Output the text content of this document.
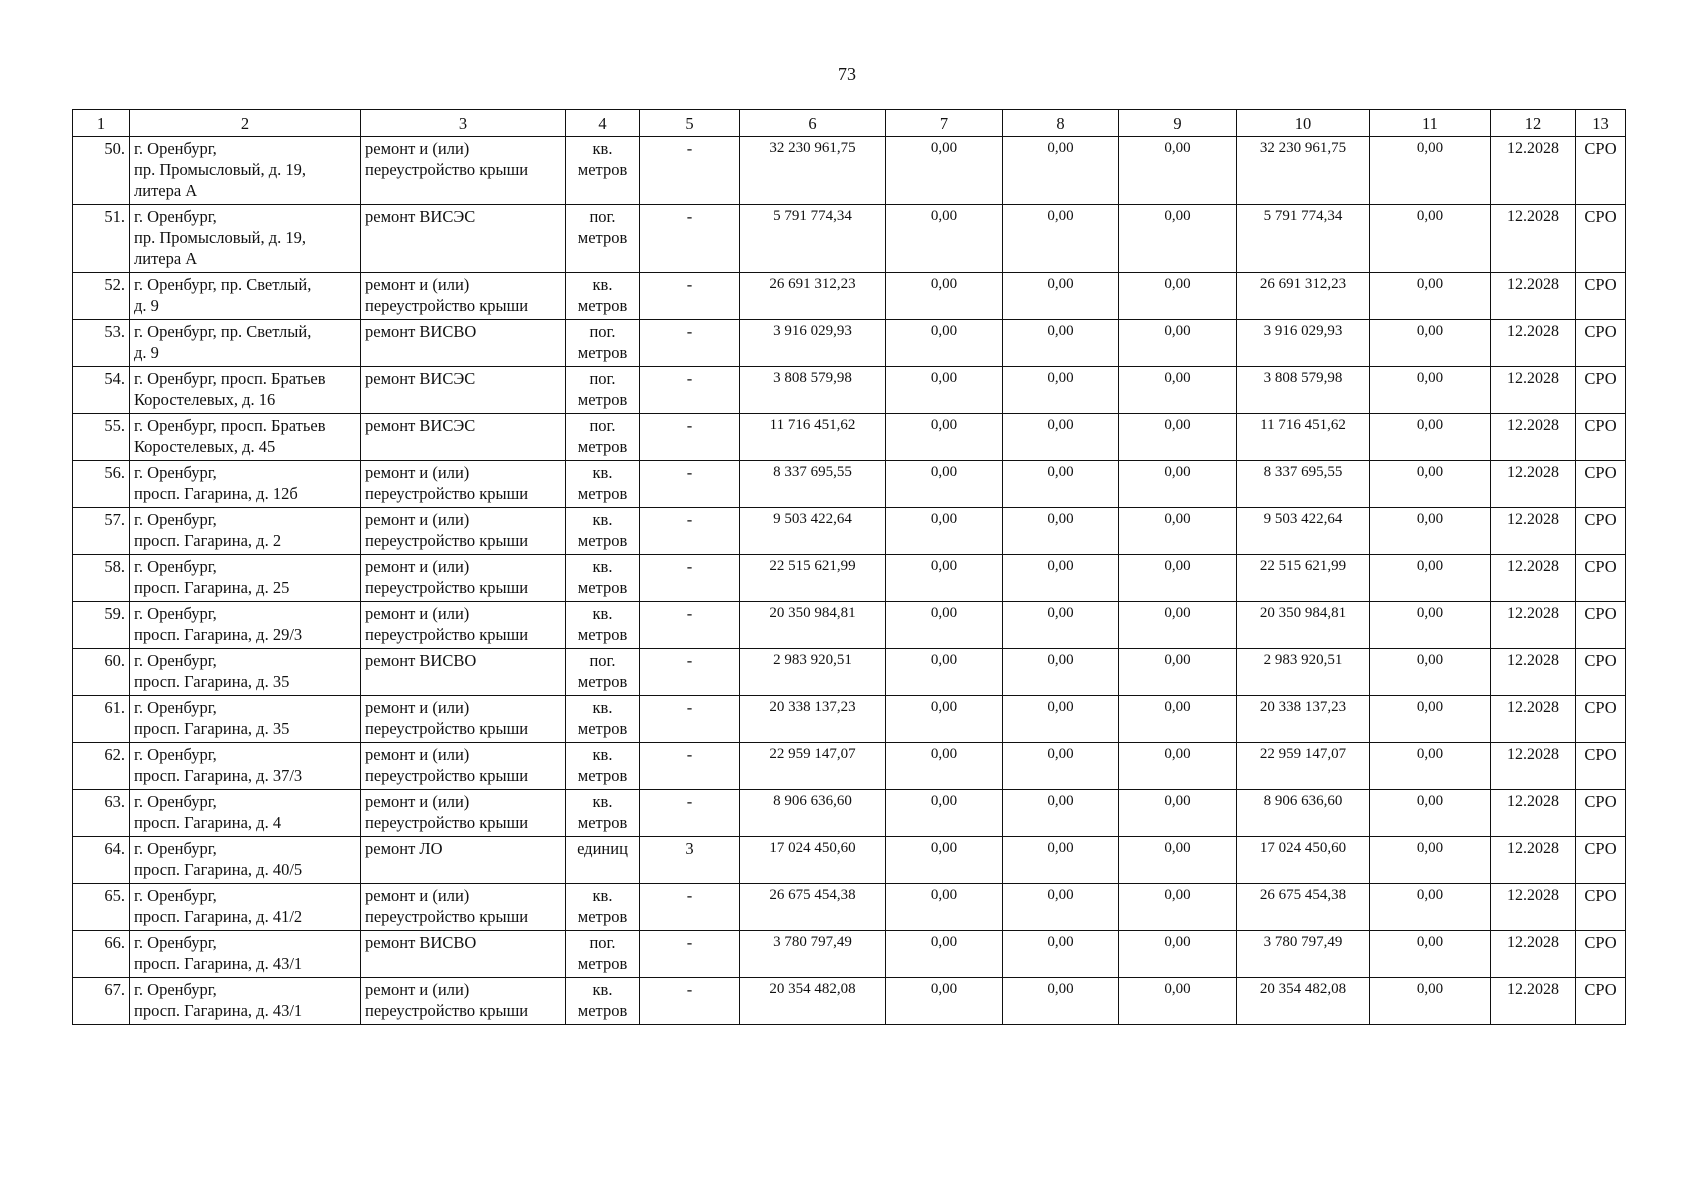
73
1	2	3	4	5	6	7	8	9	10	11	12	13
50.	г. Оренбург,
пр. Промысловый, д. 19,
литера А	ремонт и (или)
переустройство крыши	кв.
метров	-	32 230 961,75	0,00	0,00	0,00	32 230 961,75	0,00	12.2028	СРО
51.	г. Оренбург,
пр. Промысловый, д. 19,
литера А	ремонт ВИСЭС	пог.
метров	-	5 791 774,34	0,00	0,00	0,00	5 791 774,34	0,00	12.2028	СРО
52.	г. Оренбург, пр. Светлый,
д. 9	ремонт и (или)
переустройство крыши	кв.
метров	-	26 691 312,23	0,00	0,00	0,00	26 691 312,23	0,00	12.2028	СРО
53.	г. Оренбург, пр. Светлый,
д. 9	ремонт ВИСВО	пог.
метров	-	3 916 029,93	0,00	0,00	0,00	3 916 029,93	0,00	12.2028	СРО
54.	г. Оренбург, просп. Братьев
Коростелевых, д. 16	ремонт ВИСЭС	пог.
метров	-	3 808 579,98	0,00	0,00	0,00	3 808 579,98	0,00	12.2028	СРО
55.	г. Оренбург, просп. Братьев
Коростелевых, д. 45	ремонт ВИСЭС	пог.
метров	-	11 716 451,62	0,00	0,00	0,00	11 716 451,62	0,00	12.2028	СРО
56.	г. Оренбург,
просп. Гагарина, д. 12б	ремонт и (или)
переустройство крыши	кв.
метров	-	8 337 695,55	0,00	0,00	0,00	8 337 695,55	0,00	12.2028	СРО
57.	г. Оренбург,
просп. Гагарина, д. 2	ремонт и (или)
переустройство крыши	кв.
метров	-	9 503 422,64	0,00	0,00	0,00	9 503 422,64	0,00	12.2028	СРО
58.	г. Оренбург,
просп. Гагарина, д. 25	ремонт и (или)
переустройство крыши	кв.
метров	-	22 515 621,99	0,00	0,00	0,00	22 515 621,99	0,00	12.2028	СРО
59.	г. Оренбург,
просп. Гагарина, д. 29/3	ремонт и (или)
переустройство крыши	кв.
метров	-	20 350 984,81	0,00	0,00	0,00	20 350 984,81	0,00	12.2028	СРО
60.	г. Оренбург,
просп. Гагарина, д. 35	ремонт ВИСВО	пог.
метров	-	2 983 920,51	0,00	0,00	0,00	2 983 920,51	0,00	12.2028	СРО
61.	г. Оренбург,
просп. Гагарина, д. 35	ремонт и (или)
переустройство крыши	кв.
метров	-	20 338 137,23	0,00	0,00	0,00	20 338 137,23	0,00	12.2028	СРО
62.	г. Оренбург,
просп. Гагарина, д. 37/3	ремонт и (или)
переустройство крыши	кв.
метров	-	22 959 147,07	0,00	0,00	0,00	22 959 147,07	0,00	12.2028	СРО
63.	г. Оренбург,
просп. Гагарина, д. 4	ремонт и (или)
переустройство крыши	кв.
метров	-	8 906 636,60	0,00	0,00	0,00	8 906 636,60	0,00	12.2028	СРО
64.	г. Оренбург,
просп. Гагарина, д. 40/5	ремонт ЛО	единиц	3	17 024 450,60	0,00	0,00	0,00	17 024 450,60	0,00	12.2028	СРО
65.	г. Оренбург,
просп. Гагарина, д. 41/2	ремонт и (или)
переустройство крыши	кв.
метров	-	26 675 454,38	0,00	0,00	0,00	26 675 454,38	0,00	12.2028	СРО
66.	г. Оренбург,
просп. Гагарина, д. 43/1	ремонт ВИСВО	пог.
метров	-	3 780 797,49	0,00	0,00	0,00	3 780 797,49	0,00	12.2028	СРО
67.	г. Оренбург,
просп. Гагарина, д. 43/1	ремонт и (или)
переустройство крыши	кв.
метров	-	20 354 482,08	0,00	0,00	0,00	20 354 482,08	0,00	12.2028	СРО
